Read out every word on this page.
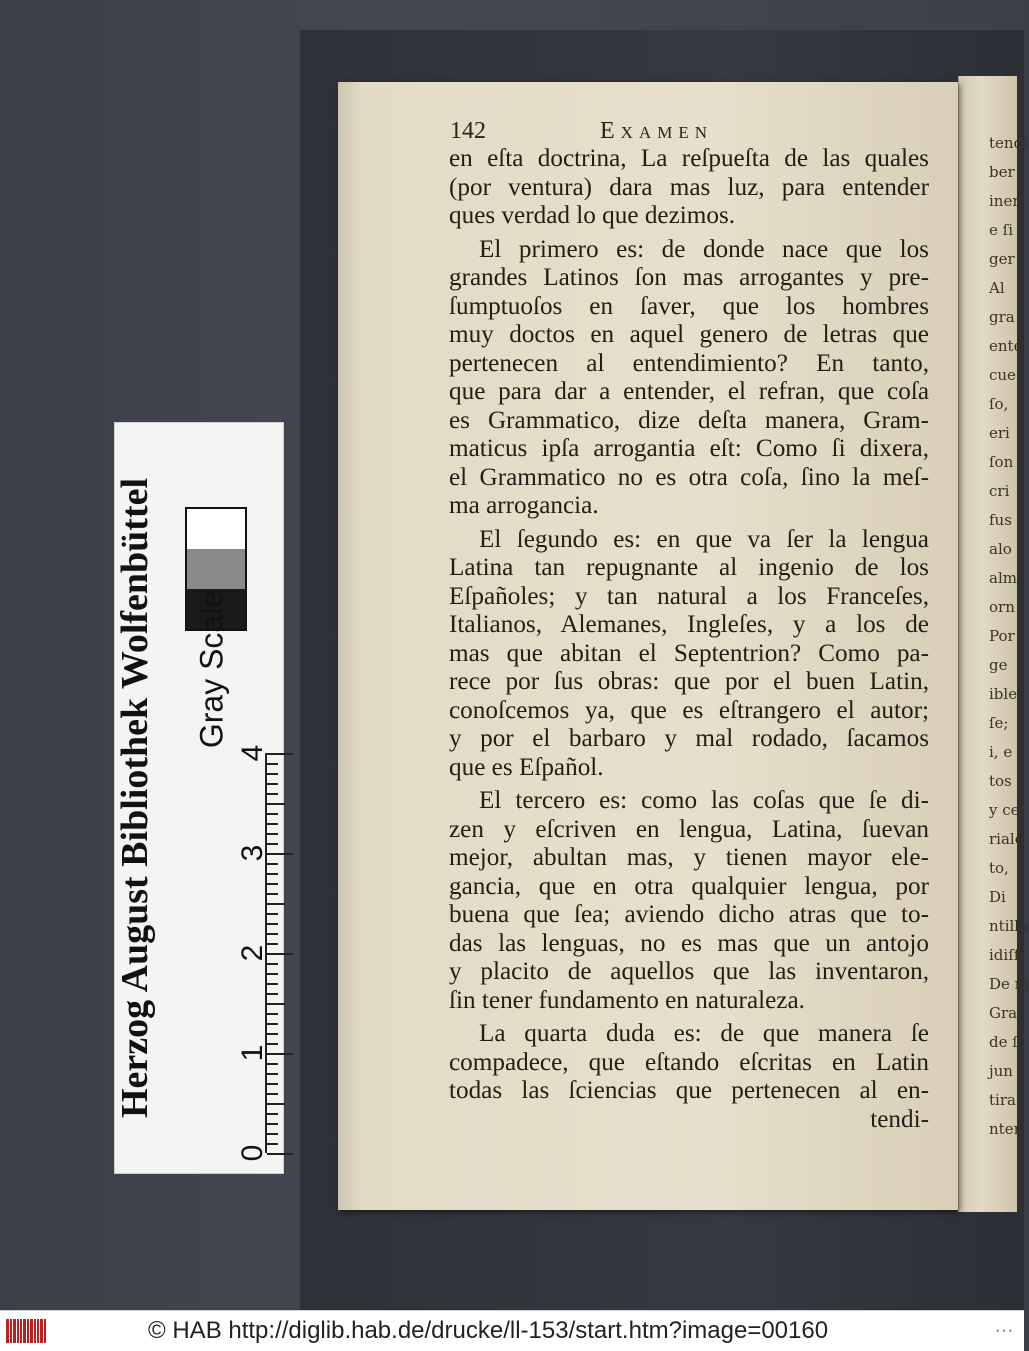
tendi
ber
inen
e ſi
ger
Al
gra
ente
cue
ſo,
eri
ſon
cri
fus
alo
alm
orn
Por
ge
ible
ſe;
i, e
tos
y cer
riale
to,
Di
ntilla
idiſſi
De m
Gra
de ſ
jun
tira
nten
142	Examen
en eſta doctrina, La reſpueſta de las quales
(por ventura) dara mas luz, para entender
ques verdad lo que dezimos.
El primero es: de donde nace que los
grandes Latinos ſon mas arrogantes y pre-
ſumptuoſos en ſaver, que los hombres
muy doctos en aquel genero de letras que
pertenecen al entendimiento? En tanto,
que para dar a entender, el refran, que coſa
es Grammatico, dize deſta manera, Gram-
maticus ipſa arrogantia eſt: Como ſi dixera,
el Grammatico no es otra coſa, ſino la meſ-
ma arrogancia.
El ſegundo es: en que va ſer la lengua
Latina tan repugnante al ingenio de los
Eſpañoles; y tan natural a los Franceſes,
Italianos, Alemanes, Ingleſes, y a los de
mas que abitan el Septentrion? Como pa-
rece por ſus obras: que por el buen Latin,
conoſcemos ya, que es eſtrangero el autor;
y por el barbaro y mal rodado, ſacamos
que es Eſpañol.
El tercero es: como las coſas que ſe di-
zen y eſcriven en lengua, Latina, ſuevan
mejor, abultan mas, y tienen mayor ele-
gancia, que en otra qualquier lengua, por
buena que ſea; aviendo dicho atras que to-
das las lenguas, no es mas que un antojo
y placito de aquellos que las inventaron,
ſin tener fundamento en naturaleza.
La quarta duda es: de que manera ſe
compadece, que eſtando eſcritas en Latin
todas las ſciencias que pertenecen al en-
tendi-
Herzog August Bibliothek Wolfenbüttel Gray Scale
0
1
2
3
4
© HAB http://diglib.hab.de/drucke/ll-153/start.htm?image=00160	•••
